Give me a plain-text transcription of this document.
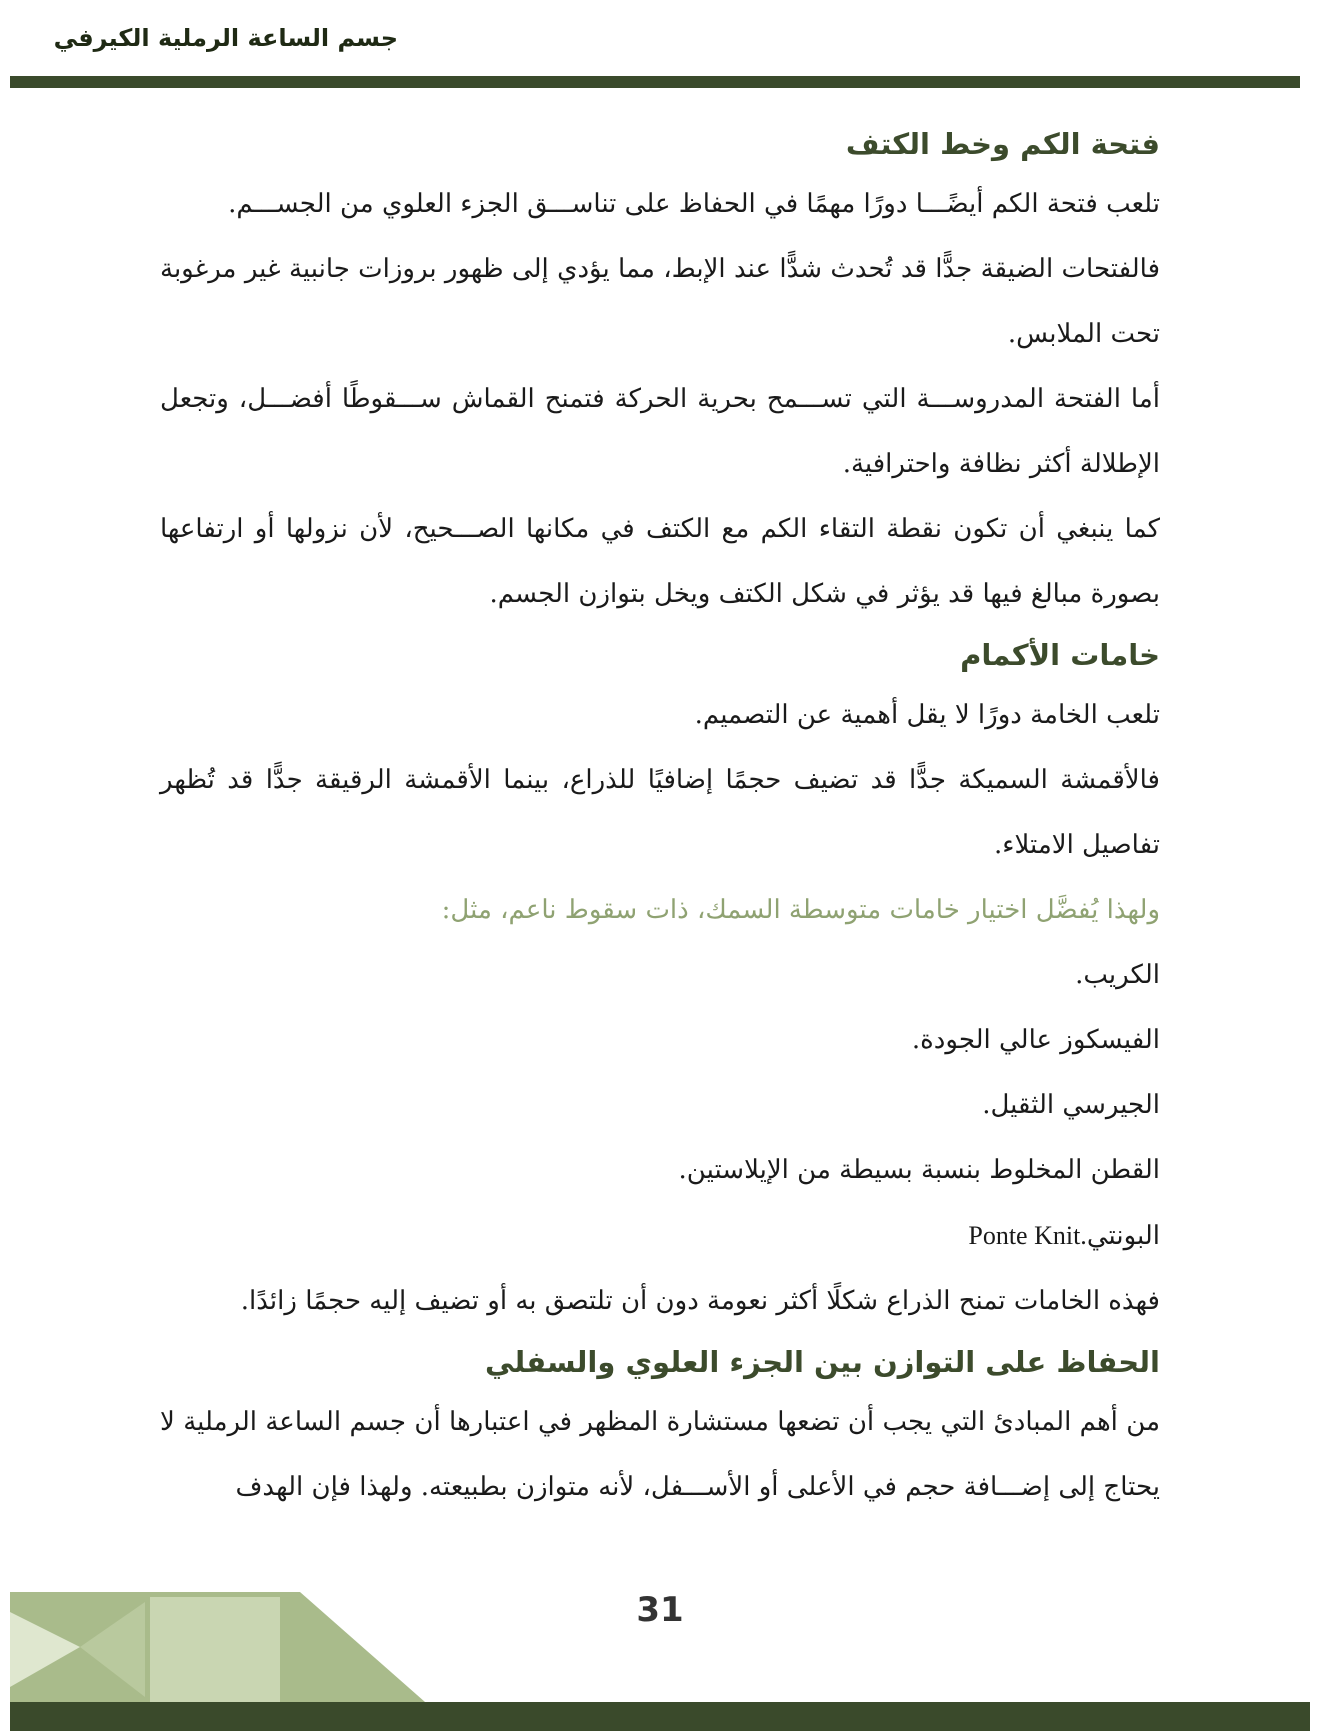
جسم الساعة الرملية الكيرفي
فتحة الكم وخط الكتف

تلعب فتحة الكم أيضًـــا دورًا مهمًا في الحفاظ على تناســـق الجزء العلوي من الجســـم.

فالفتحات الضيقة جدًّا قد تُحدث شدًّا عند الإبط، مما يؤدي إلى ظهور بروزات جانبية غير مرغوبة تحت الملابس.

أما الفتحة المدروســـة التي تســـمح بحرية الحركة فتمنح القماش ســـقوطًا أفضـــل، وتجعل الإطلالة أكثر نظافة واحترافية.

كما ينبغي أن تكون نقطة التقاء الكم مع الكتف في مكانها الصـــحيح، لأن نزولها أو ارتفاعها بصورة مبالغ فيها قد يؤثر في شكل الكتف ويخل بتوازن الجسم.

خامات الأكمام

تلعب الخامة دورًا لا يقل أهمية عن التصميم.

فالأقمشة السميكة جدًّا قد تضيف حجمًا إضافيًا للذراع، بينما الأقمشة الرقيقة جدًّا قد تُظهر تفاصيل الامتلاء.

ولهذا يُفضَّل اختيار خامات متوسطة السمك، ذات سقوط ناعم، مثل:

الكريب.
الفيسكوز عالي الجودة.
الجيرسي الثقيل.
القطن المخلوط بنسبة بسيطة من الإيلاستين.
البونتيPonte Knit.

فهذه الخامات تمنح الذراع شكلًا أكثر نعومة دون أن تلتصق به أو تضيف إليه حجمًا زائدًا.

الحفاظ على التوازن بين الجزء العلوي والسفلي

من أهم المبادئ التي يجب أن تضعها مستشارة المظهر في اعتبارها أن جسم الساعة الرملية لا يحتاج إلى إضـــافة حجم في الأعلى أو الأســـفل، لأنه متوازن بطبيعته. ولهذا فإن الهدف

31
